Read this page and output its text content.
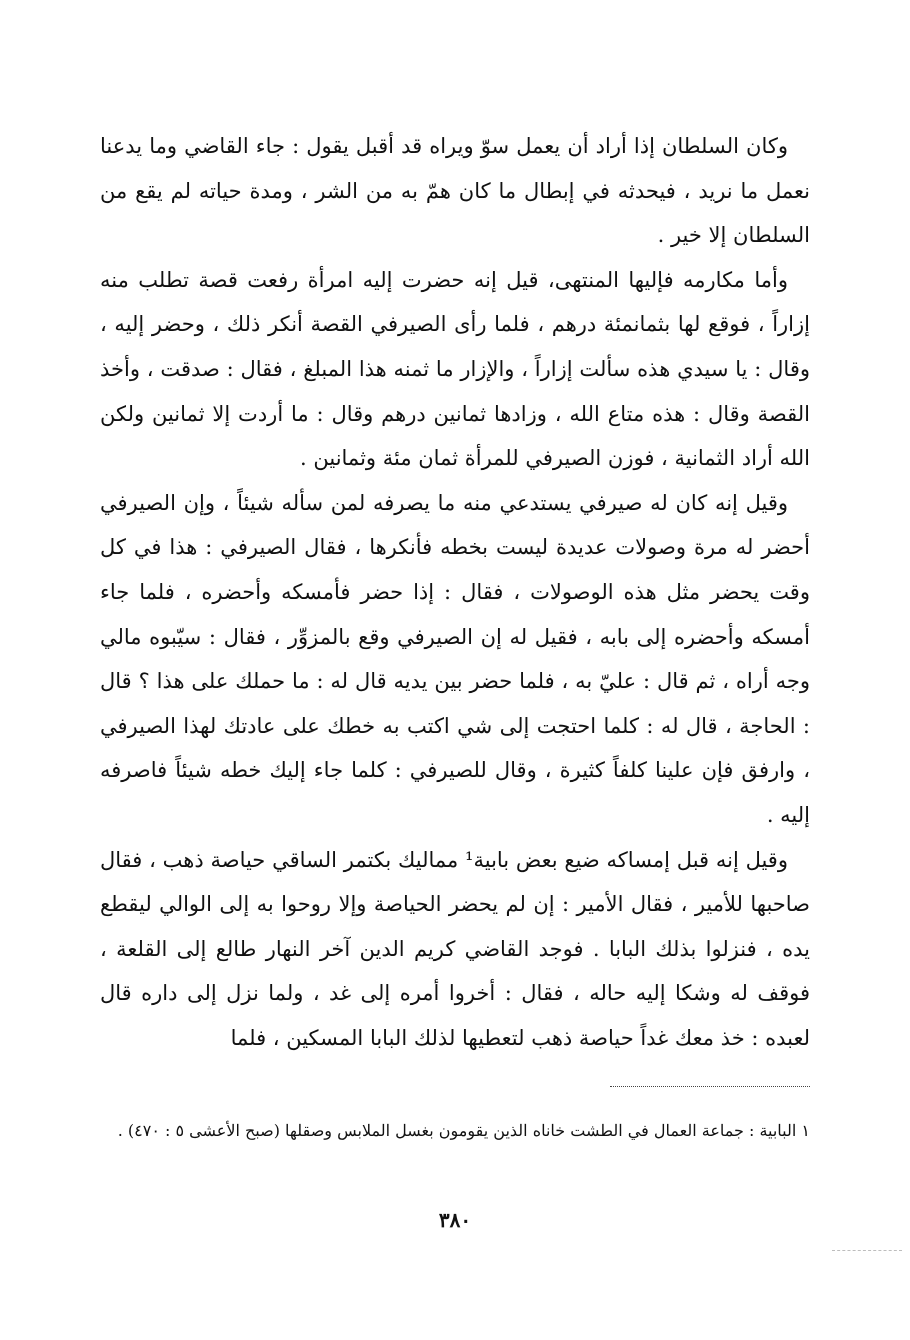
وكان السلطان إذا أراد أن يعمل سوّ ويراه قد أقبل يقول : جاء القاضي وما يدعنا نعمل ما نريد ، فيحدثه في إبطال ما كان همّ به من الشر ، ومدة حياته لم يقع من السلطان إلا خير .

وأما مكارمه فإليها المنتهى، قيل إنه حضرت إليه امرأة رفعت قصة تطلب منه إزاراً ، فوقع لها بثمانمئة درهم ، فلما رأى الصيرفي القصة أنكر ذلك ، وحضر إليه ، وقال : يا سيدي هذه سألت إزاراً ، والإزار ما ثمنه هذا المبلغ ، فقال : صدقت ، وأخذ القصة وقال : هذه متاع الله ، وزادها ثمانين درهم وقال : ما أردت إلا ثمانين ولكن الله أراد الثمانية ، فوزن الصيرفي للمرأة ثمان مئة وثمانين .

وقيل إنه كان له صيرفي يستدعي منه ما يصرفه لمن سأله شيئاً ، وإن الصيرفي أحضر له مرة وصولات عديدة ليست بخطه فأنكرها ، فقال الصيرفي : هذا في كل وقت يحضر مثل هذه الوصولات ، فقال : إذا حضر فأمسكه وأحضره ، فلما جاء أمسكه وأحضره إلى بابه ، فقيل له إن الصيرفي وقع بالمزوِّر ، فقال : سيّبوه مالي وجه أراه ، ثم قال : عليّ به ، فلما حضر بين يديه قال له : ما حملك على هذا ؟ قال : الحاجة ، قال له : كلما احتجت إلى شي اكتب به خطك على عادتك لهذا الصيرفي ، وارفق فإن علينا كلفاً كثيرة ، وقال للصيرفي : كلما جاء إليك خطه شيئاً فاصرفه إليه .

وقيل إنه قبل إمساكه ضيع بعض بابية¹ مماليك بكتمر الساقي حياصة ذهب ، فقال صاحبها للأمير ، فقال الأمير : إن لم يحضر الحياصة وإلا روحوا به إلى الوالي ليقطع يده ، فنزلوا بذلك البابا . فوجد القاضي كريم الدين آخر النهار طالع إلى القلعة ، فوقف له وشكا إليه حاله ، فقال : أخروا أمره إلى غد ، ولما نزل إلى داره قال لعبده : خذ معك غداً حياصة ذهب لتعطيها لذلك البابا المسكين ، فلما

١ البابية : جماعة العمال في الطشت خاناه الذين يقومون بغسل الملابس وصقلها (صبح الأعشى ٥ : ٤٧٠) .
٣٨٠
